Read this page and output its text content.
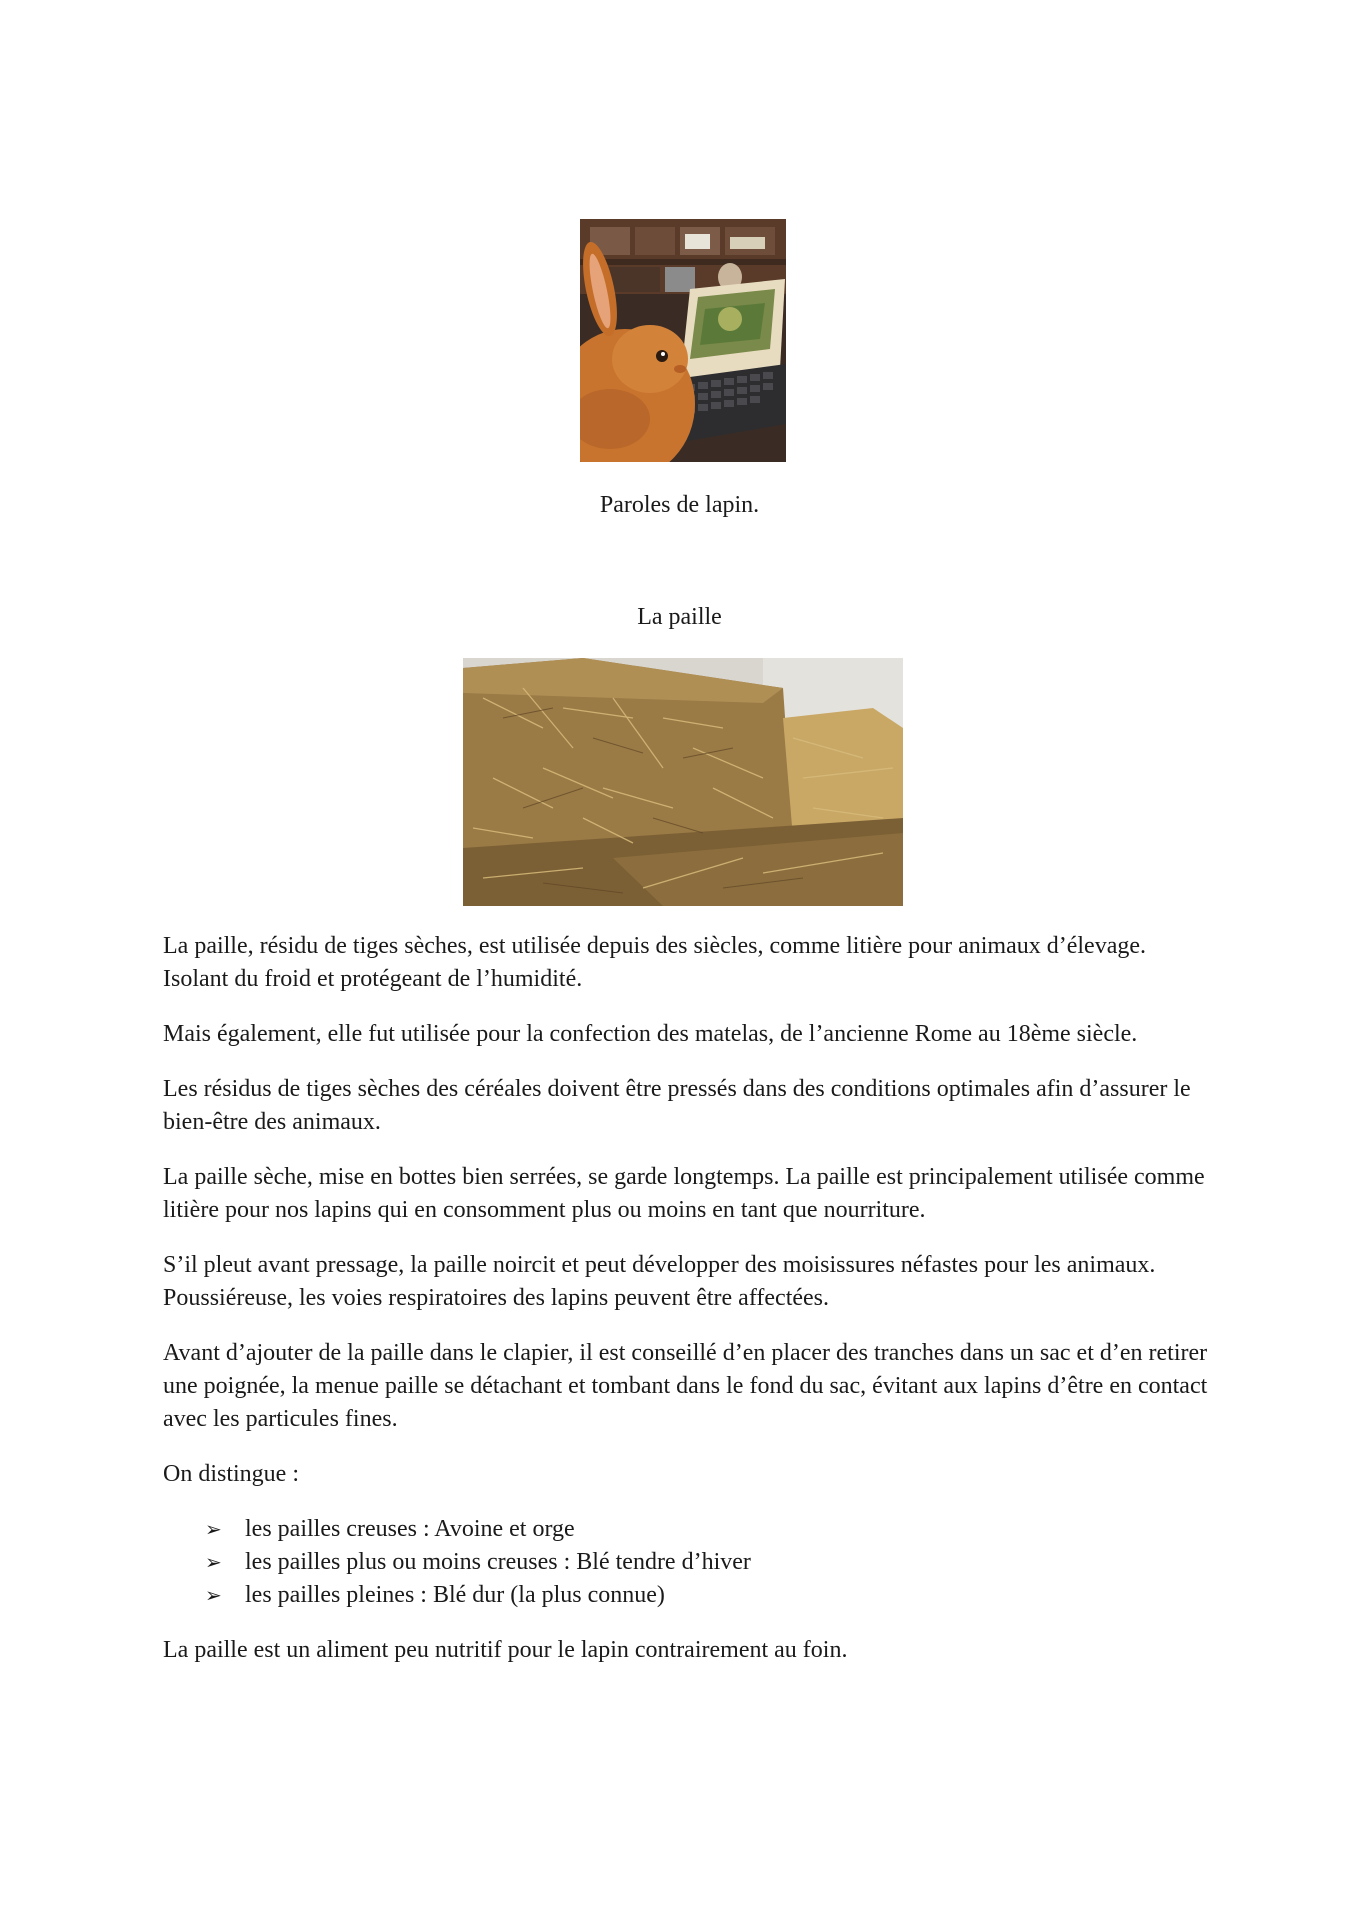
Paroles de lapin.
La paille

La paille, résidu de tiges sèches, est utilisée depuis des siècles, comme litière pour animaux d’élevage. Isolant du froid et protégeant de l’humidité.

Mais également, elle fut utilisée pour la confection des matelas, de l’ancienne Rome au 18ème siècle.

Les résidus de tiges sèches des céréales doivent être pressés dans des conditions optimales afin d’assurer le bien-être des animaux.

La paille sèche, mise en bottes bien serrées, se garde longtemps. La paille est principalement utilisée comme litière pour nos lapins qui en consomment plus ou moins en tant que nourriture.

S’il pleut avant pressage, la paille noircit et peut développer des moisissures néfastes pour les animaux. Poussiéreuse, les voies respiratoires des lapins peuvent être affectées.

Avant d’ajouter de la paille dans le clapier, il est conseillé d’en placer des tranches dans un sac et d’en retirer une poignée, la menue paille se détachant et tombant dans le fond du sac, évitant aux lapins d’être en contact avec les particules fines.

On distingue :

➢ les pailles creuses : Avoine et orge
➢ les pailles plus ou moins creuses : Blé tendre d’hiver
➢ les pailles pleines : Blé dur (la plus connue)

La paille est un aliment peu nutritif pour le lapin contrairement au foin.
